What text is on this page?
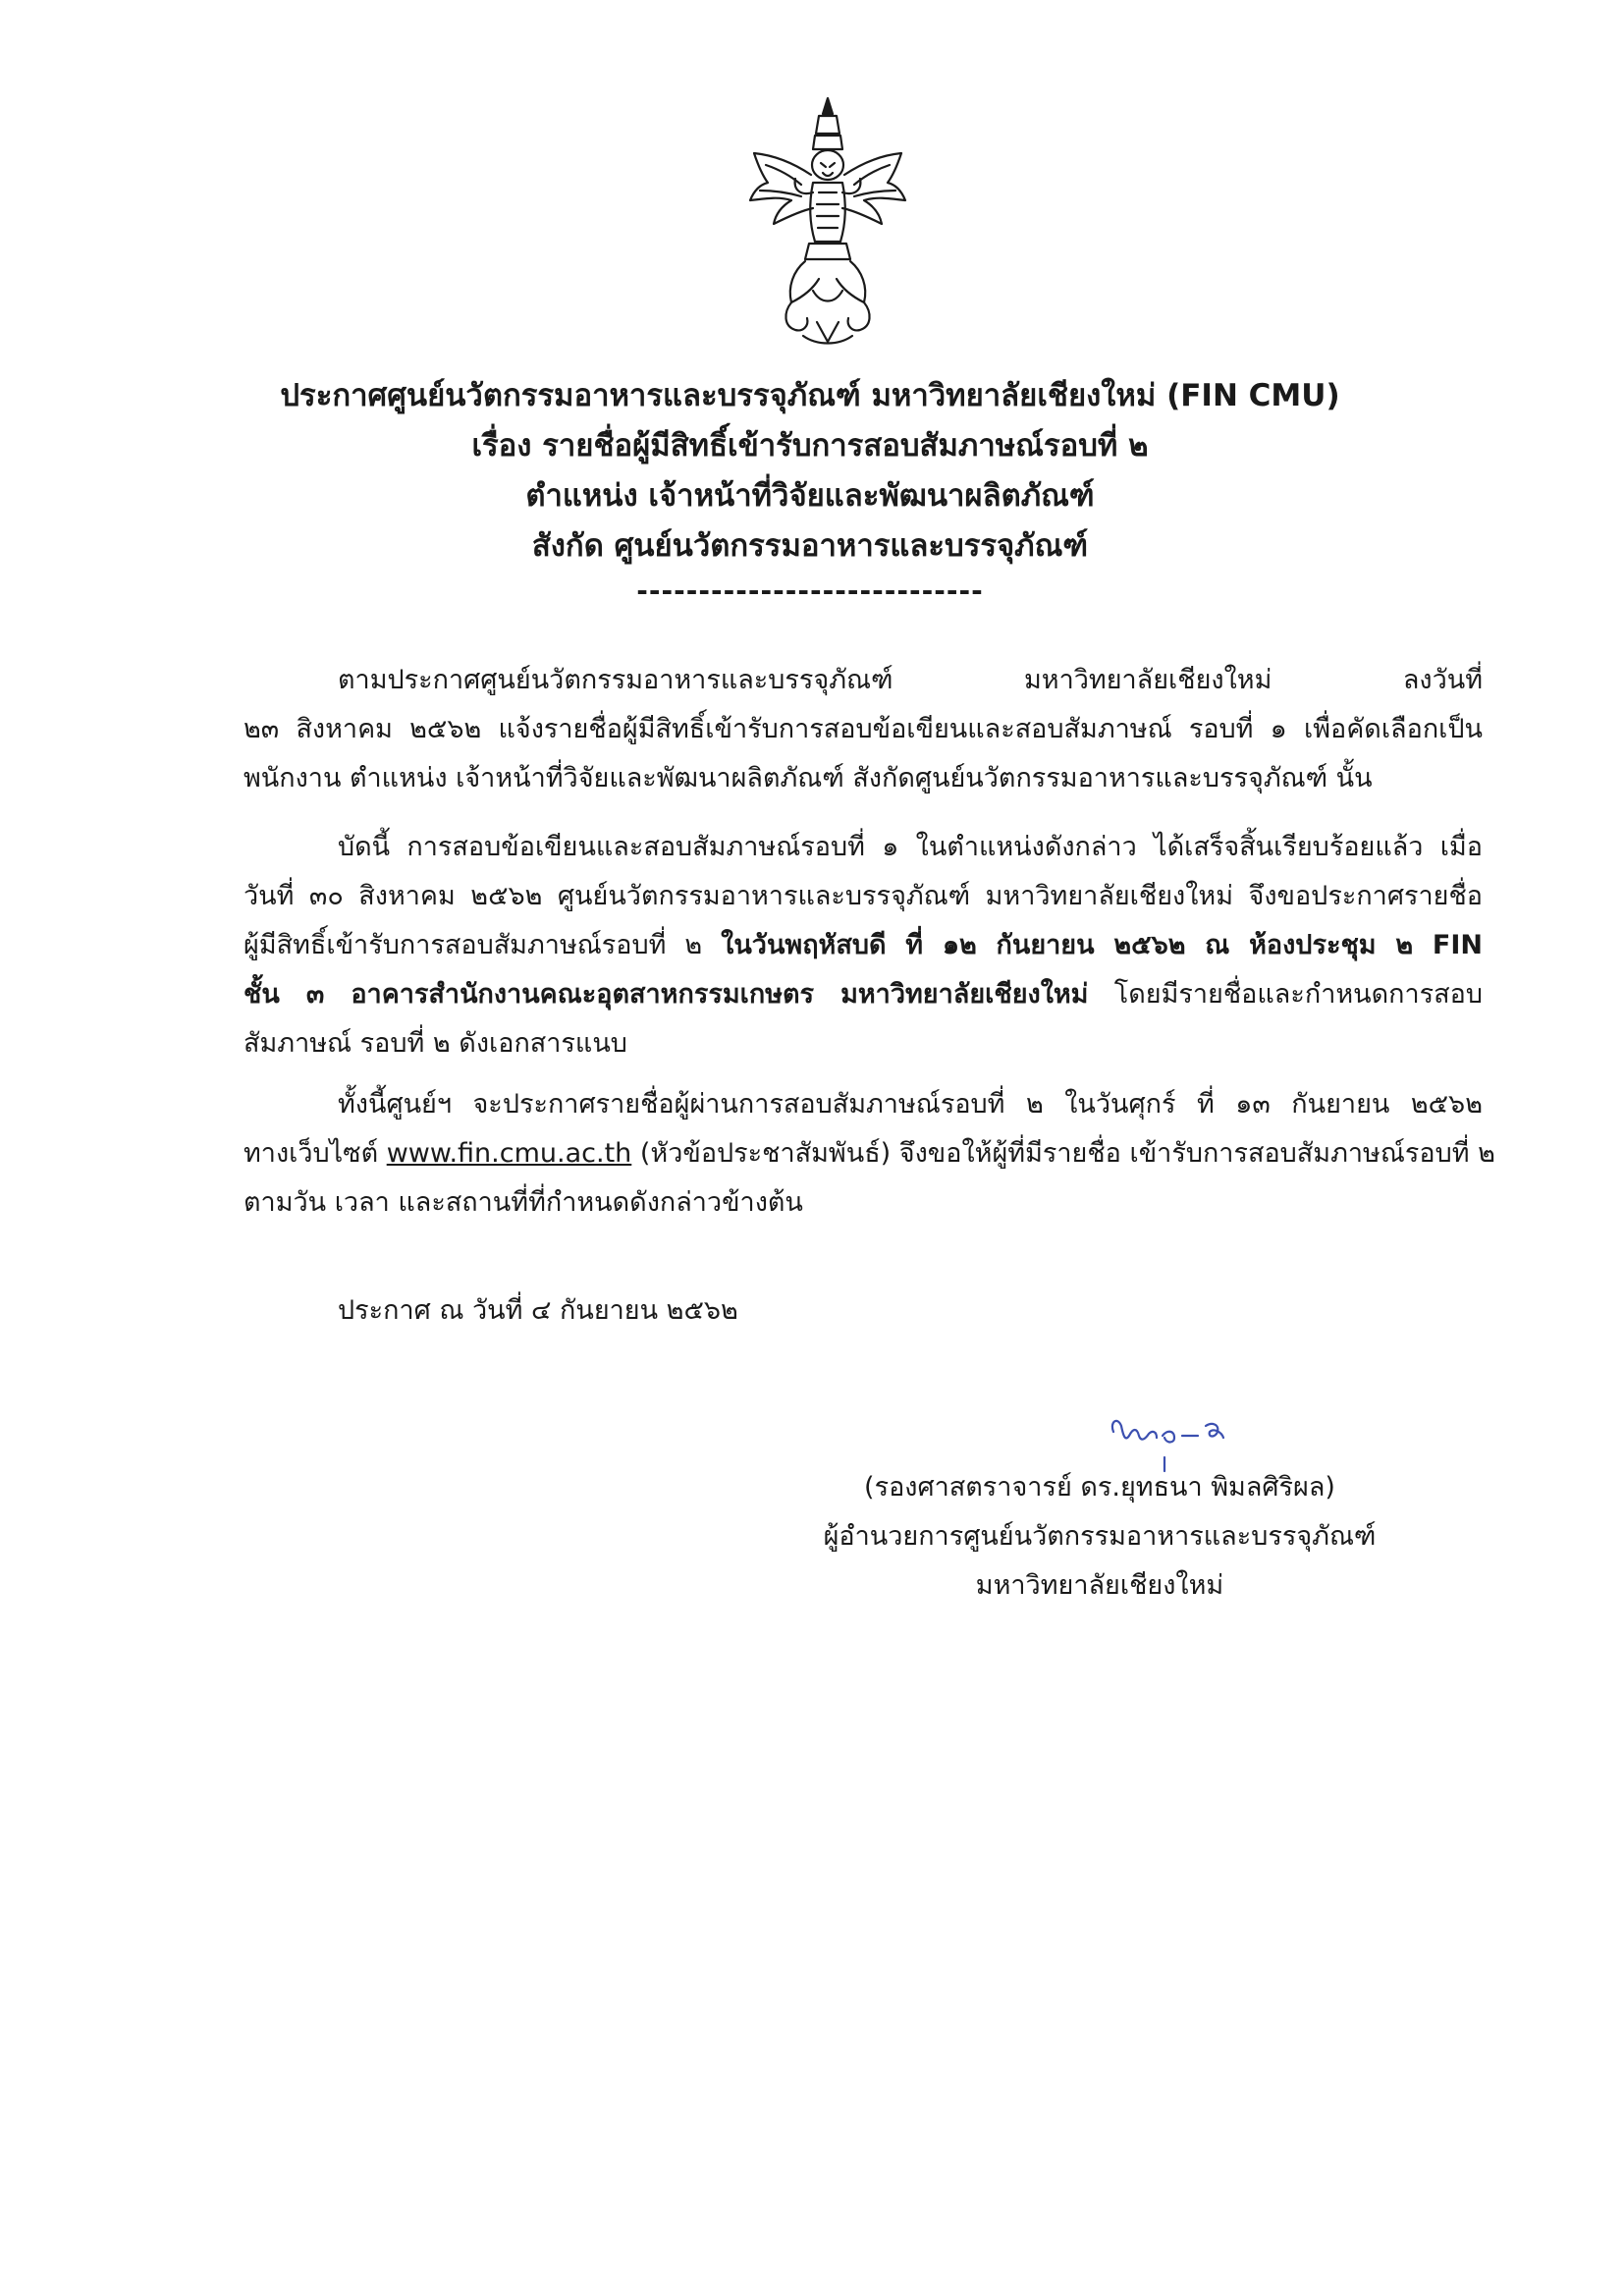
ประกาศศูนย์นวัตกรรมอาหารและบรรจุภัณฑ์ มหาวิทยาลัยเชียงใหม่ (FIN CMU)
เรื่อง รายชื่อผู้มีสิทธิ์เข้ารับการสอบสัมภาษณ์รอบที่ ๒
ตำแหน่ง เจ้าหน้าที่วิจัยและพัฒนาผลิตภัณฑ์
สังกัด ศูนย์นวัตกรรมอาหารและบรรจุภัณฑ์
----------------------------
ตามประกาศศูนย์นวัตกรรมอาหารและบรรจุภัณฑ์ มหาวิทยาลัยเชียงใหม่ ลงวันที่
๒๓ สิงหาคม ๒๕๖๒ แจ้งรายชื่อผู้มีสิทธิ์เข้ารับการสอบข้อเขียนและสอบสัมภาษณ์ รอบที่ ๑ เพื่อคัดเลือกเป็น
พนักงาน ตำแหน่ง เจ้าหน้าที่วิจัยและพัฒนาผลิตภัณฑ์ สังกัดศูนย์นวัตกรรมอาหารและบรรจุภัณฑ์ นั้น
บัดนี้ การสอบข้อเขียนและสอบสัมภาษณ์รอบที่ ๑ ในตำแหน่งดังกล่าว ได้เสร็จสิ้นเรียบร้อยแล้ว เมื่อ
วันที่ ๓๐ สิงหาคม ๒๕๖๒ ศูนย์นวัตกรรมอาหารและบรรจุภัณฑ์ มหาวิทยาลัยเชียงใหม่ จึงขอประกาศรายชื่อ
ผู้มีสิทธิ์เข้ารับการสอบสัมภาษณ์รอบที่ ๒ ในวันพฤหัสบดี ที่ ๑๒ กันยายน ๒๕๖๒ ณ ห้องประชุม ๒ FIN
ชั้น ๓ อาคารสำนักงานคณะอุตสาหกรรมเกษตร มหาวิทยาลัยเชียงใหม่ โดยมีรายชื่อและกำหนดการสอบ
สัมภาษณ์ รอบที่ ๒ ดังเอกสารแนบ
ทั้งนี้ศูนย์ฯ จะประกาศรายชื่อผู้ผ่านการสอบสัมภาษณ์รอบที่ ๒ ในวันศุกร์ ที่ ๑๓ กันยายน ๒๕๖๒
ทางเว็บไซต์ www.fin.cmu.ac.th (หัวข้อประชาสัมพันธ์) จึงขอให้ผู้ที่มีรายชื่อ เข้ารับการสอบสัมภาษณ์รอบที่ ๒
ตามวัน เวลา และสถานที่ที่กำหนดดังกล่าวข้างต้น
ประกาศ ณ วันที่ ๔ กันยายน ๒๕๖๒
(รองศาสตราจารย์ ดร.ยุทธนา พิมลศิริผล)
ผู้อำนวยการศูนย์นวัตกรรมอาหารและบรรจุภัณฑ์
มหาวิทยาลัยเชียงใหม่
